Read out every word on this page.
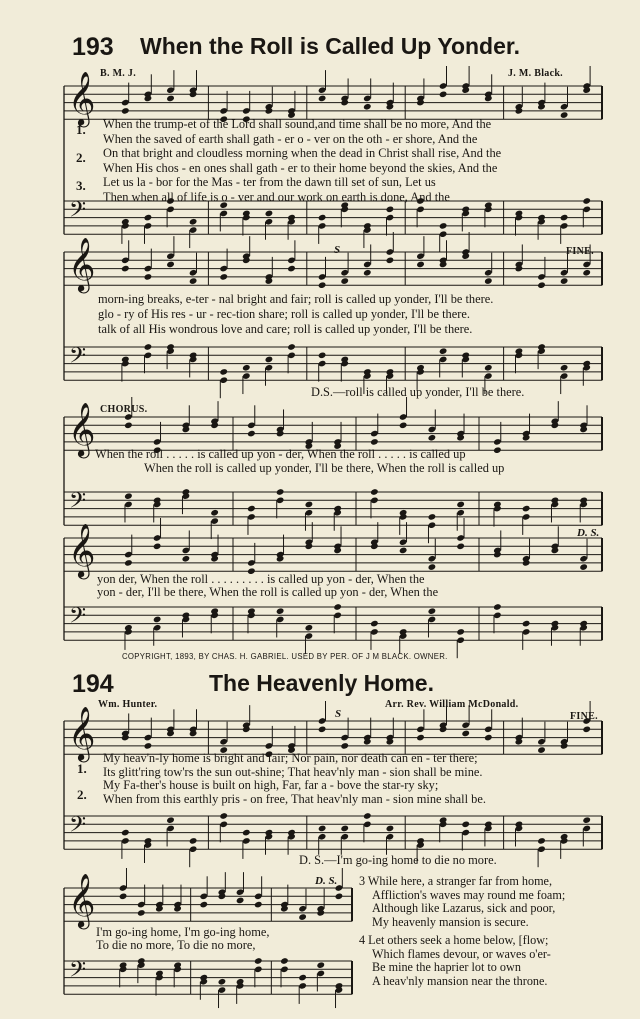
𝄞
𝄢
𝄞
𝄢
𝄞
𝄢
𝄞
𝄢
𝄞
𝄢
𝄞
𝄢
193 When the Roll is Called Up Yonder.
B. M. J.	J. M. Black.
1.
2.
3.
When the trump-et of the Lord shall sound,and time shall be no more, And the
When the saved of earth shall gath - er o - ver on the oth - er shore, And the
On that bright and cloudless morning when the dead in Christ shall rise, And the
When His chos - en ones shall gath - er to their home beyond the skies, And the
Let us la - bor for the Mas - ter from the dawn till set of sun, Let us
Then when all of life is o - ver and our work on earth is done, And the
S	FINE.
morn-ing breaks, e-ter - nal bright and fair; roll is called up yonder, I'll be there.
glo - ry of His res - ur - rec-tion share; roll is called up yonder, I'll be there.
talk of all His wondrous love and care; roll is called up yonder, I'll be there.
D.S.—roll is called up yonder, I'll be there.
CHORUS.
When the roll . . . . . is called up yon - der, When the roll . . . . . is called up
When the roll is called up yonder, I'll be there, When the roll is called up
D. S.
yon der, When the roll . . . . . . . . . is called up yon - der, When the
yon - der, I'll be there, When the roll is called up yon - der, When the
COPYRIGHT, 1893, BY CHAS. H. GABRIEL. USED BY PER. OF J M BLACK. OWNER.
194	The Heavenly Home.
Wm. Hunter.	Arr. Rev. William McDonald.
S	FINE.
1.
2.
My heav'n-ly home is bright and fair; Nor pain, nor death can en - ter there;
Its glitt'ring tow'rs the sun out-shine; That heav'nly man - sion shall be mine.
My Fa-ther's house is built on high, Far, far a - bove the star-ry sky;
When from this earthly pris - on free, That heav'nly man - sion mine shall be.
D. S.—I'm go-ing home to die no more.
D. S.
I'm go-ing home, I'm go-ing home,
To die no more, To die no more,
3 While here, a stranger far from home,
Affliction's waves may round me foam;
Although like Lazarus, sick and poor,
My heavenly mansion is secure.
4 Let others seek a home below, [flow;
Which flames devour, or waves o'er-
Be mine the haprier lot to own
A heav'nly mansion near the throne.
